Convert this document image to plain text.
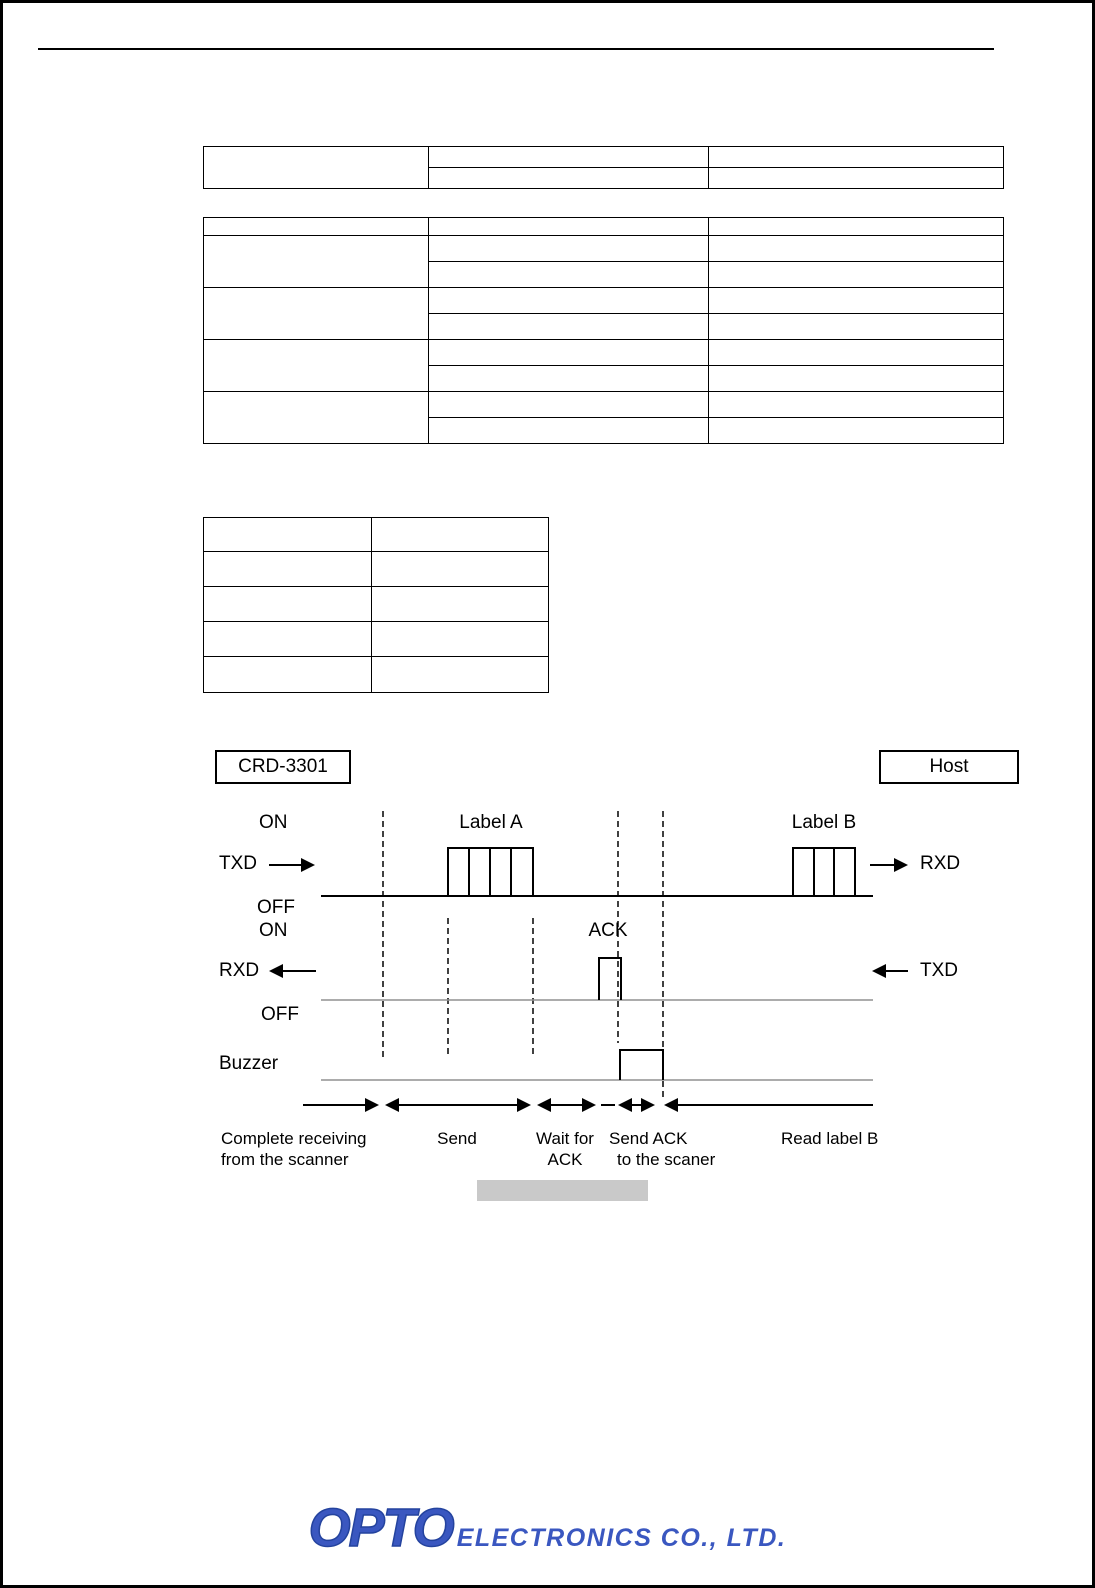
CRD-3301	Host
ON	Label A	Label B
TXD	RXD
OFF
ON	ACK
RXD	TXD
OFF
Buzzer
Complete receiving
from the scanner
Send	Wait for
ACK
Send ACK
to the scaner
Read label B
OPTO ELECTRONICS CO., LTD.
